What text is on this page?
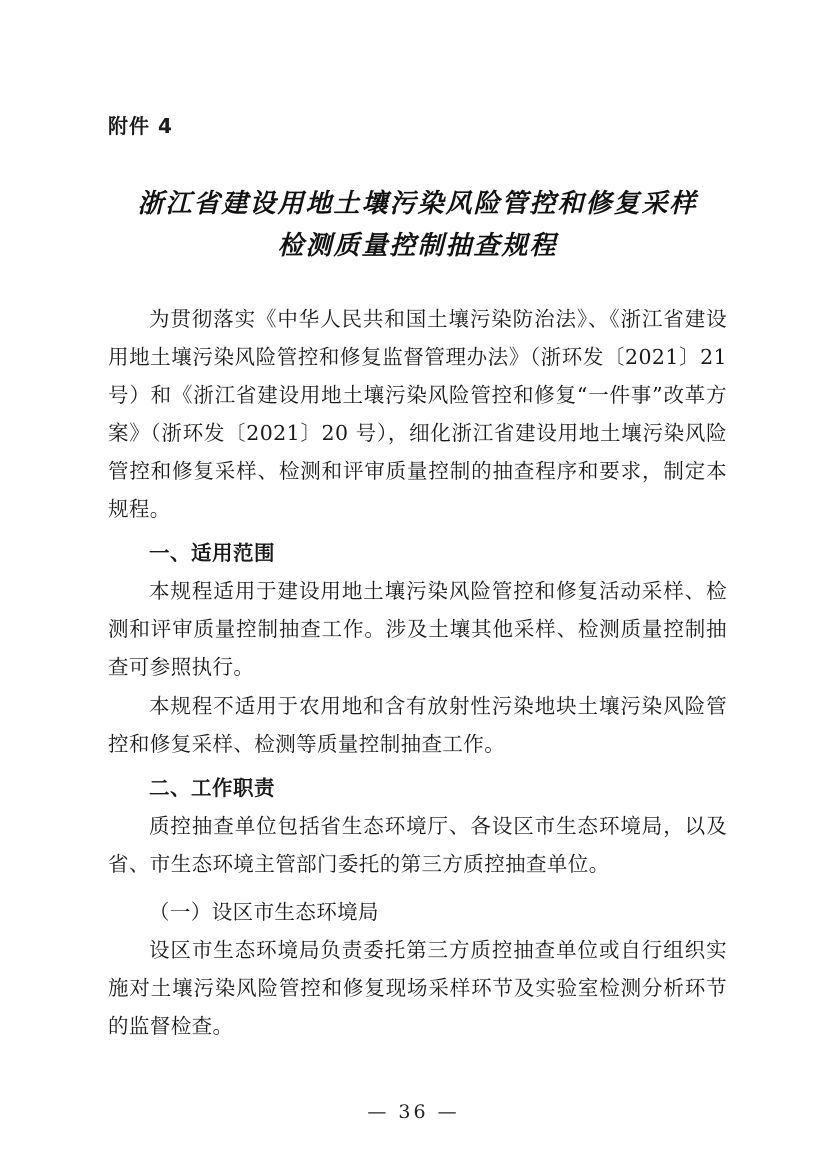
附件 4
浙江省建设用地土壤污染风险管控和修复采样
检测质量控制抽查规程

为贯彻落实《中华人民共和国土壤污染防治法》、《浙江省建设用地土壤污染风险管控和修复监督管理办法》（浙环发〔2021〕21 号）和《浙江省建设用地土壤污染风险管控和修复“一件事”改革方案》（浙环发〔2021〕20 号），细化浙江省建设用地土壤污染风险管控和修复采样、检测和评审质量控制的抽查程序和要求，制定本规程。

一、适用范围

本规程适用于建设用地土壤污染风险管控和修复活动采样、检测和评审质量控制抽查工作。涉及土壤其他采样、检测质量控制抽查可参照执行。

本规程不适用于农用地和含有放射性污染地块土壤污染风险管控和修复采样、检测等质量控制抽查工作。

二、工作职责

质控抽查单位包括省生态环境厅、各设区市生态环境局，以及省、市生态环境主管部门委托的第三方质控抽查单位。

（一）设区市生态环境局

设区市生态环境局负责委托第三方质控抽查单位或自行组织实施对土壤污染风险管控和修复现场采样环节及实验室检测分析环节的监督检查。

— 36 —
